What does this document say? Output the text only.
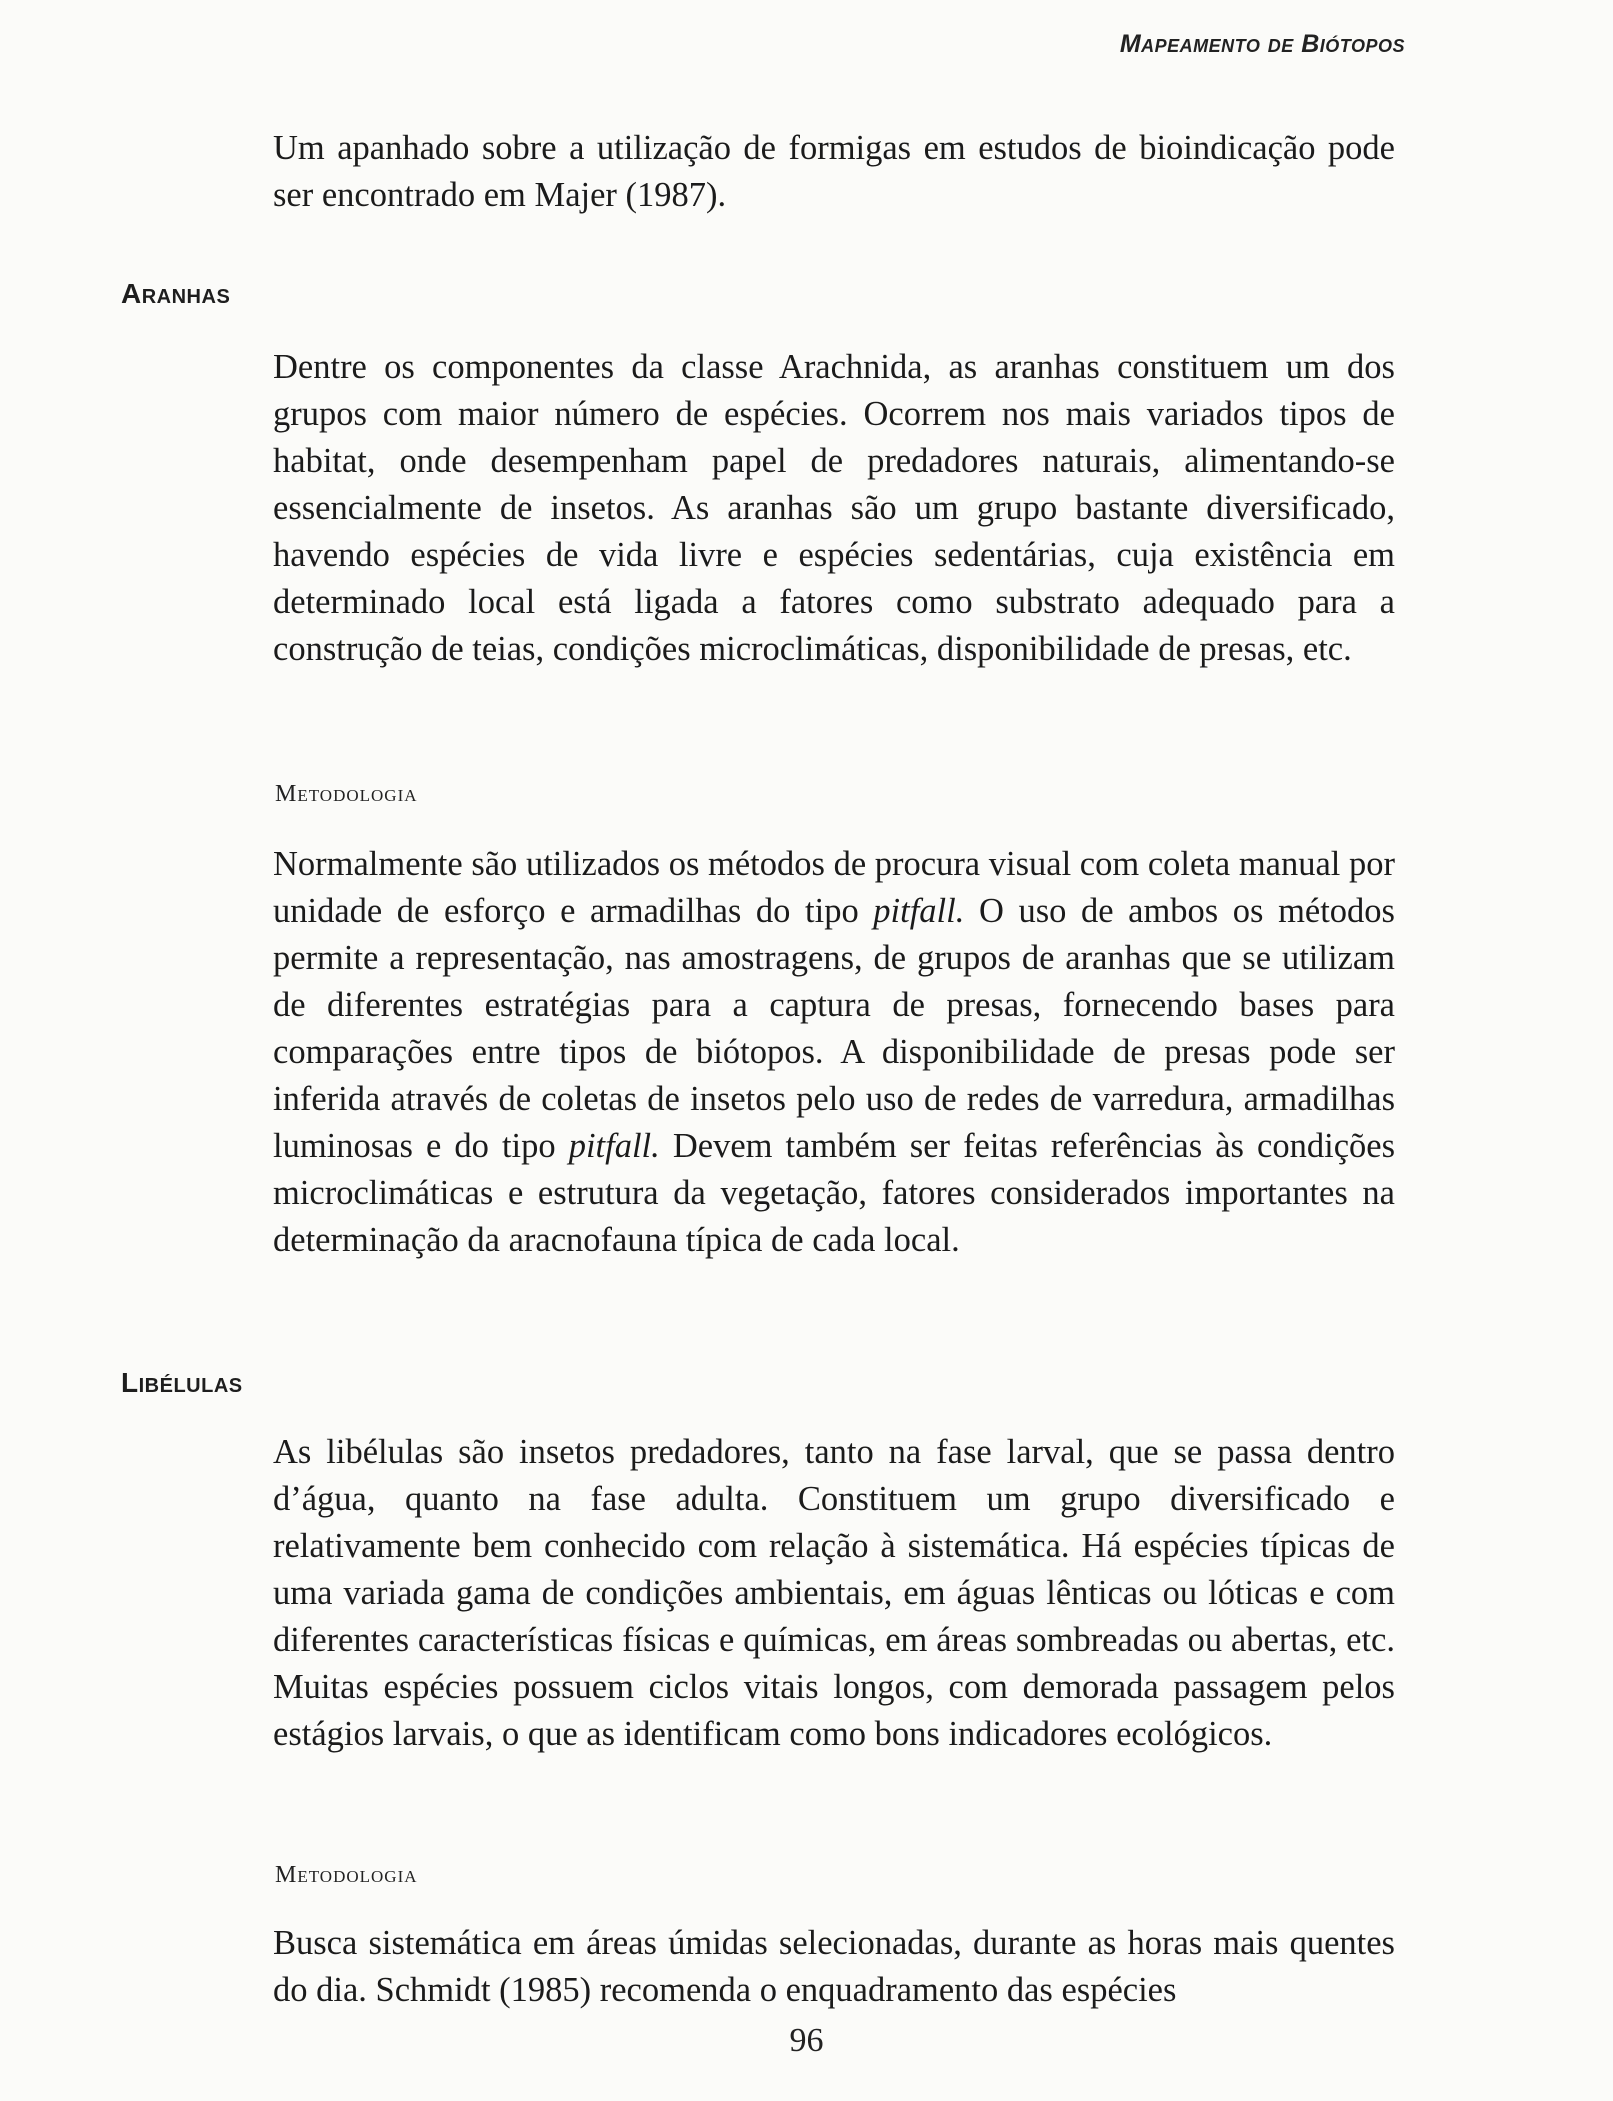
Mapeamento de Biótopos

Um apanhado sobre a utilização de formigas em estudos de bioindicação pode ser encontrado em Majer (1987).

Aranhas

Dentre os componentes da classe Arachnida, as aranhas constituem um dos grupos com maior número de espécies. Ocorrem nos mais variados tipos de habitat, onde desempenham papel de predadores naturais, alimentando-se essencialmente de insetos. As aranhas são um grupo bastante diversificado, havendo espécies de vida livre e espécies sedentárias, cuja existência em determinado local está ligada a fatores como substrato adequado para a construção de teias, condições microclimáticas, disponibilidade de presas, etc.

Metodologia

Normalmente são utilizados os métodos de procura visual com coleta manual por unidade de esforço e armadilhas do tipo pitfall. O uso de ambos os métodos permite a representação, nas amostragens, de grupos de aranhas que se utilizam de diferentes estratégias para a captura de presas, fornecendo bases para comparações entre tipos de biótopos. A disponibilidade de presas pode ser inferida através de coletas de insetos pelo uso de redes de varredura, armadilhas luminosas e do tipo pitfall. Devem também ser feitas referências às condições microclimáticas e estrutura da vegetação, fatores considerados importantes na determinação da aracnofauna típica de cada local.

Libélulas

As libélulas são insetos predadores, tanto na fase larval, que se passa dentro d’água, quanto na fase adulta. Constituem um grupo diversificado e relativamente bem conhecido com relação à sistemática. Há espécies típicas de uma variada gama de condições ambientais, em águas lênticas ou lóticas e com diferentes características físicas e químicas, em áreas sombreadas ou abertas, etc. Muitas espécies possuem ciclos vitais longos, com demorada passagem pelos estágios larvais, o que as identificam como bons indicadores ecológicos.

Metodologia

Busca sistemática em áreas úmidas selecionadas, durante as horas mais quentes do dia. Schmidt (1985) recomenda o enquadramento das espécies

96
